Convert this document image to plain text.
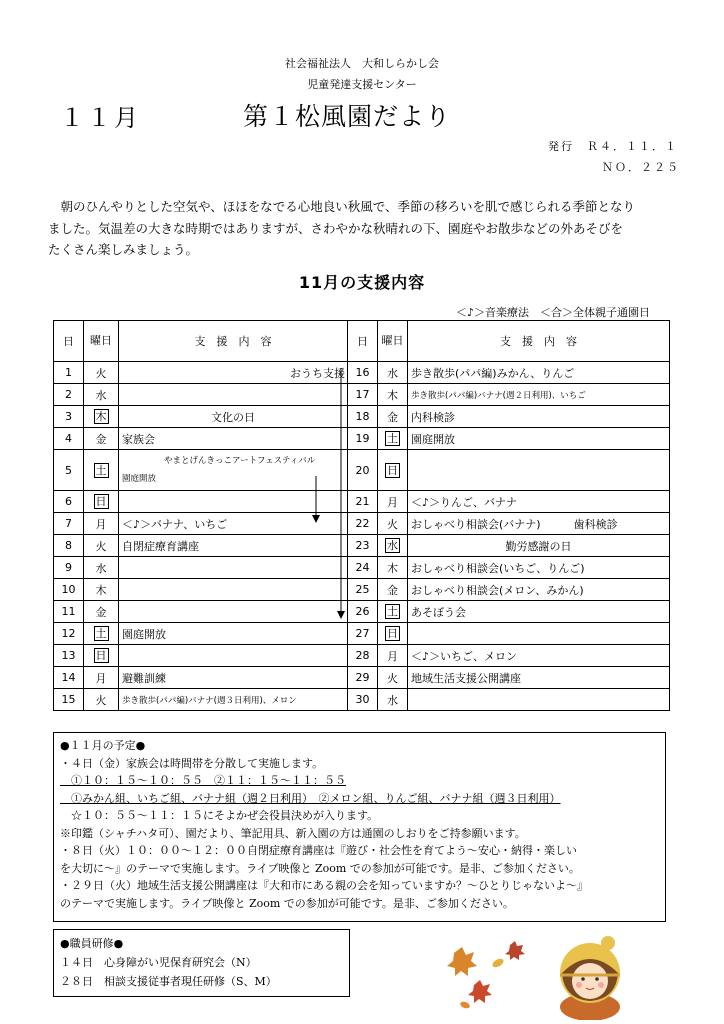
社会福祉法人　大和しらかし会
児童発達支援センター
１１月	第１松風園だより
発行　Ｒ４．１１．１
ＮＯ．２２５
　朝のひんやりとした空気や、ほほをなでる心地良い秋風で、季節の移ろいを肌で感じられる季節となり
ました。気温差の大きな時期ではありますが、さわやかな秋晴れの下、園庭やお散歩などの外あそびを
たくさん楽しみましょう。
11月の支援内容
＜♪＞音楽療法　＜合＞全体親子通園日
日	曜日	支　援　内　容	日	曜日	支　援　内　容
1	火	おうち支援	16	水	歩き散歩(パパ編)みかん、りんご
2	水		17	木	歩き散歩(パパ編)バナナ(週２日利用)、いちご
3	木	文化の日	18	金	内科検診
4	金	家族会	19	土	園庭開放
5	土	やまとげんきっこアートフェスティバル
園庭開放	20	日	
6	日		21	月	＜♪＞りんご、バナナ
7	月	＜♪＞バナナ、いちご	22	火	おしゃべり相談会(バナナ)　　　歯科検診
8	火	自閉症療育講座	23	水	勤労感謝の日
9	水		24	木	おしゃべり相談会(いちご、りんご)
10	木		25	金	おしゃべり相談会(メロン、みかん)
11	金		26	土	あそぼう会
12	土	園庭開放	27	日	
13	日		28	月	＜♪＞いちご、メロン
14	月	避難訓練	29	火	地域生活支援公開講座
15	火	歩き散歩(パパ編)バナナ(週３日利用)、メロン	30	水	
●１１月の予定●
・４日（金）家族会は時間帯を分散して実施します。
　①１０：１５〜１０：５５　②１１：１５〜１１：５５
　①みかん組、いちご組、バナナ組（週２日利用）　②メロン組、りんご組、バナナ組（週３日利用）
　☆１０：５５〜１１：１５にそよかぜ会役員決めが入ります。
※印鑑（シャチハタ可）、園だより、筆記用具、新入園の方は通園のしおりをご持参願います。
・８日（火）１０：００〜１２：００自閉症療育講座は『遊び・社会性を育てよう〜安心・納得・楽しい
を大切に〜』のテーマで実施します。ライブ映像と Zoom での参加が可能です。是非、ご参加ください。
・２９日（火）地域生活支援公開講座は『大和市にある親の会を知っていますか？〜ひとりじゃないよ〜』
のテーマで実施します。ライブ映像と Zoom での参加が可能です。是非、ご参加ください。
●職員研修●
１４日　心身障がい児保育研究会（N）
２８日　相談支援従事者現任研修（S、M）
